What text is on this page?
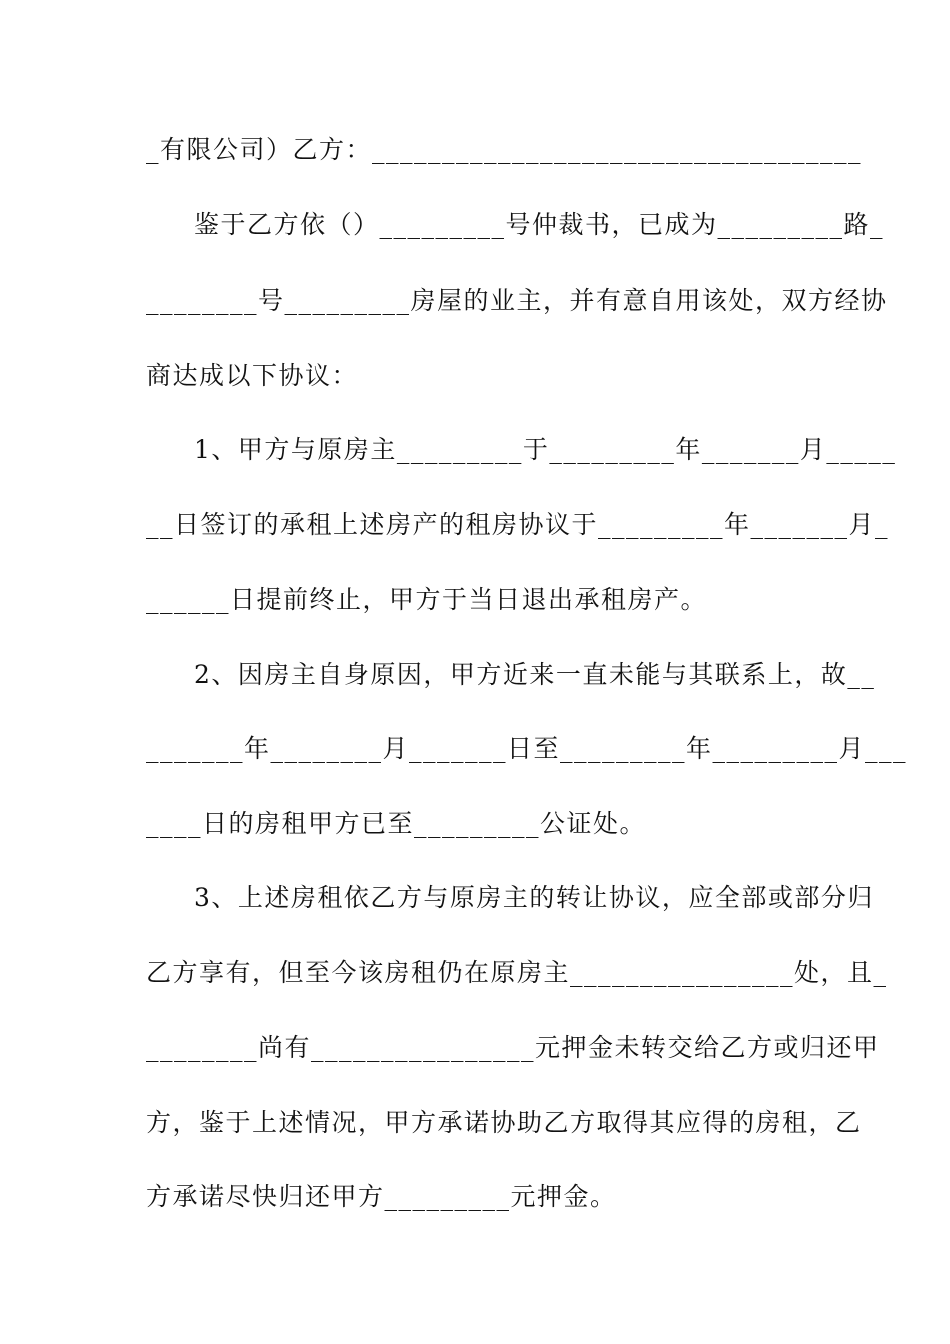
_有限公司）乙方：___________________________________
鉴于乙方依（）_________号仲裁书，已成为_________路_
________号_________房屋的业主，并有意自用该处，双方经协
商达成以下协议：
1、甲方与原房主_________于_________年_______月_____
__日签订的承租上述房产的租房协议于_________年_______月_
______日提前终止，甲方于当日退出承租房产。
2、因房主自身原因，甲方近来一直未能与其联系上，故__
_______年________月_______日至_________年_________月___
____日的房租甲方已至_________公证处。
3、上述房租依乙方与原房主的转让协议，应全部或部分归
乙方享有，但至今该房租仍在原房主________________处，且_
________尚有________________元押金未转交给乙方或归还甲
方，鉴于上述情况，甲方承诺协助乙方取得其应得的房租，乙
方承诺尽快归还甲方_________元押金。
